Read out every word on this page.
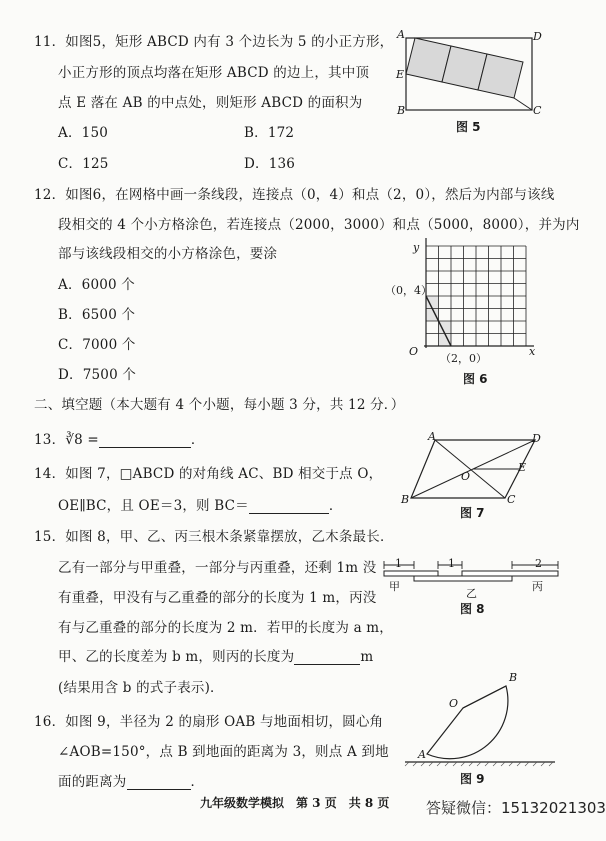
11．如图5，矩形 ABCD 内有 3 个边长为 5 的小正方形，
小正方形的顶点均落在矩形 ABCD 的边上，其中顶
点 E 落在 AB 的中点处，则矩形 ABCD 的面积为
A．150	B．172
C．125	D．136
A	D
E
B	C
图 5
12．如图6，在网格中画一条线段，连接点（0，4）和点（2，0），然后为内部与该线
段相交的 4 个小方格涂色，若连接点（2000，3000）和点（5000，8000），并为内
部与该线段相交的小方格涂色，要涂
A．6000 个
B．6500 个
C．7000 个
D．7500 个
y
x
O
（0，4）
（2，0）
图 6
二、填空题（本大题有 4 个小题，每小题 3 分，共 12 分．）
13．∛8 =	．
14．如图 7，□ABCD 的对角线 AC、BD 相交于点 O，
OE∥BC，且 OE＝3，则 BC＝	．
A	D
E
O
B	C
图 7
15．如图 8，甲、乙、丙三根木条紧靠摆放，乙木条最长．
乙有一部分与甲重叠，一部分与丙重叠，还剩 1m 没
有重叠，甲没有与乙重叠的部分的长度为 1 m，丙没
有与乙重叠的部分的长度为 2 m．若甲的长度为 a m，
甲、乙的长度差为 b m，则丙的长度为	m
(结果用含 b 的式子表示)．
1	1	2
甲
乙
丙
图 8
16．如图 9，半径为 2 的扇形 OAB 与地面相切，圆心角
∠AOB=150°，点 B 到地面的距离为 3，则点 A 到地
面的距离为	．
B
O
A
图 9
九年级数学模拟　第 3 页　共 8 页 答疑微信：15132021303
